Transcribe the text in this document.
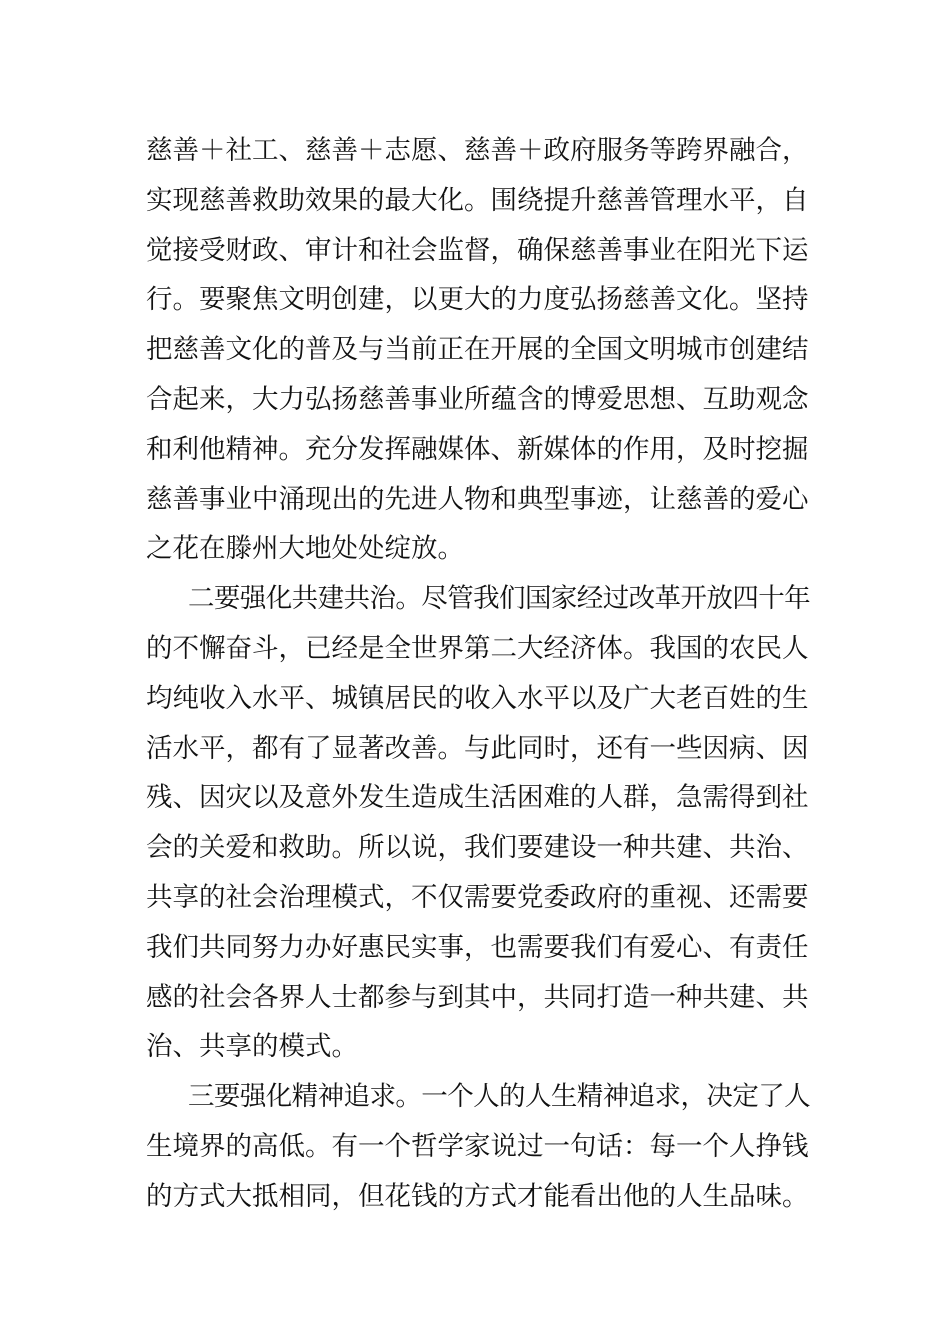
慈善＋社工、慈善＋志愿、慈善＋政府服务等跨界融合，
实现慈善救助效果的最大化。围绕提升慈善管理水平，自
觉接受财政、审计和社会监督，确保慈善事业在阳光下运
行。要聚焦文明创建，以更大的力度弘扬慈善文化。坚持
把慈善文化的普及与当前正在开展的全国文明城市创建结
合起来，大力弘扬慈善事业所蕴含的博爱思想、互助观念
和利他精神。充分发挥融媒体、新媒体的作用，及时挖掘
慈善事业中涌现出的先进人物和典型事迹，让慈善的爱心
之花在滕州大地处处绽放。
二要强化共建共治。尽管我们国家经过改革开放四十年
的不懈奋斗，已经是全世界第二大经济体。我国的农民人
均纯收入水平、城镇居民的收入水平以及广大老百姓的生
活水平，都有了显著改善。与此同时，还有一些因病、因
残、因灾以及意外发生造成生活困难的人群，急需得到社
会的关爱和救助。所以说，我们要建设一种共建、共治、
共享的社会治理模式，不仅需要党委政府的重视、还需要
我们共同努力办好惠民实事，也需要我们有爱心、有责任
感的社会各界人士都参与到其中，共同打造一种共建、共
治、共享的模式。
三要强化精神追求。一个人的人生精神追求，决定了人
生境界的高低。有一个哲学家说过一句话：每一个人挣钱
的方式大抵相同，但花钱的方式才能看出他的人生品味。
